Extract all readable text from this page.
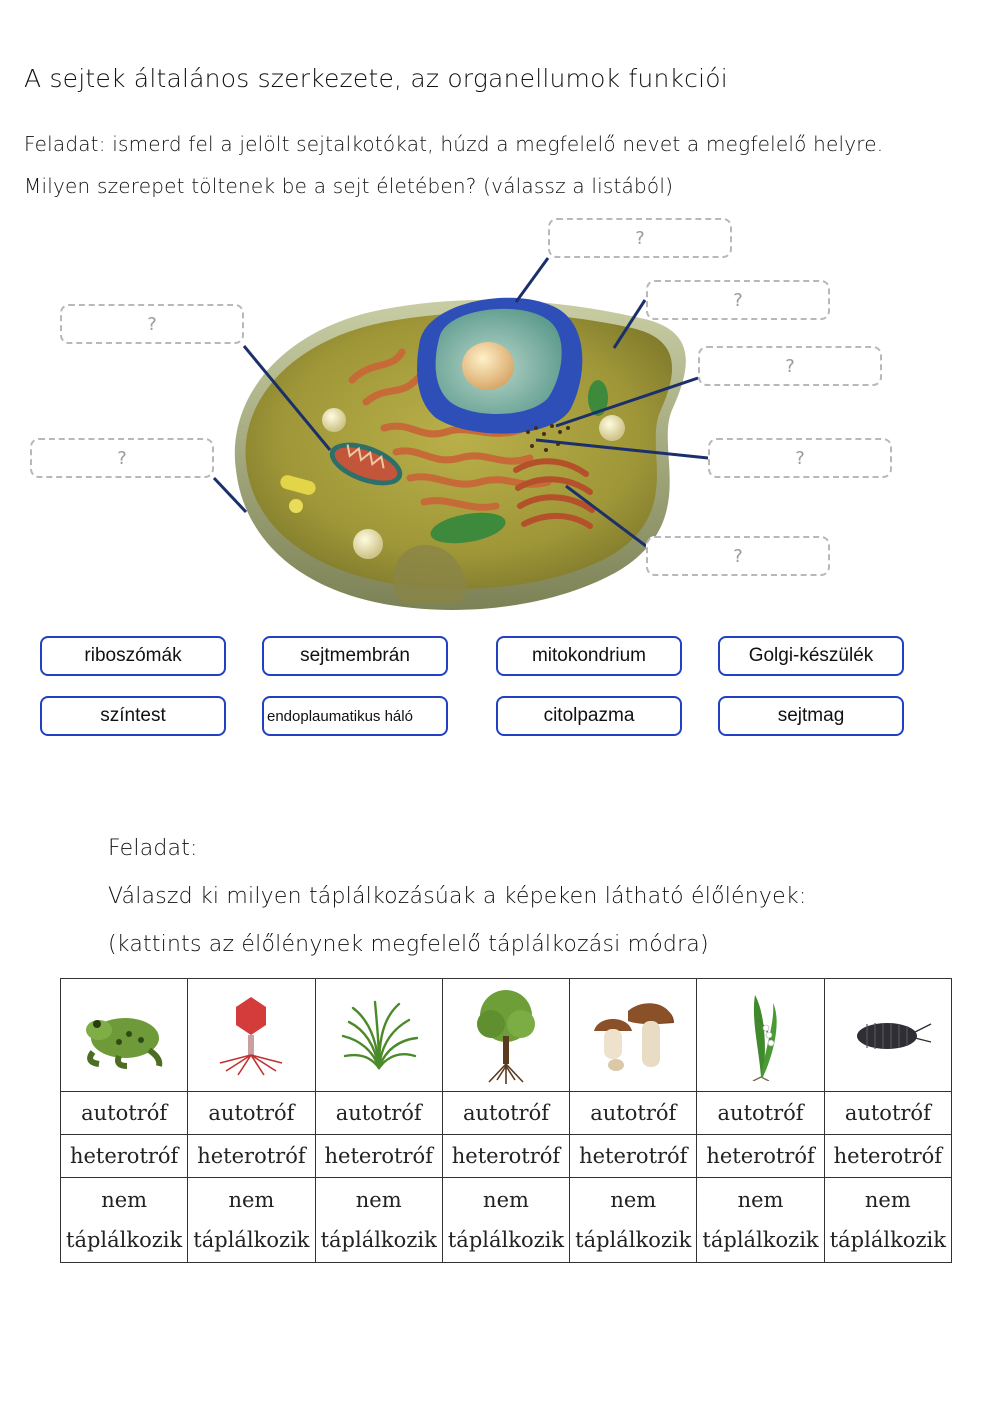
A sejtek általános szerkezete, az organellumok funkciói
Feladat: ismerd fel a jelölt sejtalkotókat, húzd a megfelelő nevet a megfelelő helyre.
Milyen szerepet töltenek be a sejt életében? (válassz a listából)
?
?
?
?
?
?
?
riboszómák	sejtmembrán	mitokondrium	Golgi-készülék
színtest	endoplaumatikus háló	citolpazma	sejtmag
Feladat:
Válaszd ki milyen táplálkozásúak a képeken látható élőlények:
(kattints az élőlénynek megfelelő táplálkozási módra)

autotróf	autotróf	autotróf	autotróf	autotróf	autotróf	autotróf
heterotróf	heterotróf	heterotróf	heterotróf	heterotróf	heterotróf	heterotróf
nem
táplálkozik	nem
táplálkozik	nem
táplálkozik	nem
táplálkozik	nem
táplálkozik	nem
táplálkozik	nem
táplálkozik
